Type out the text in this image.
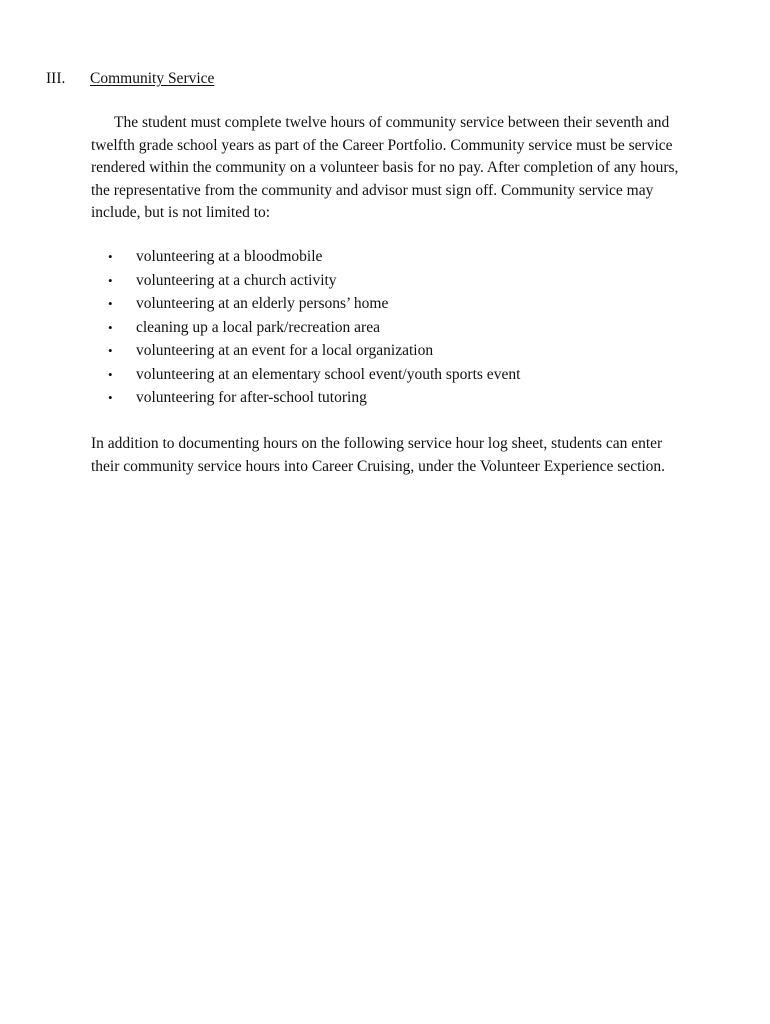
III. Community Service

The student must complete twelve hours of community service between their seventh and
twelfth grade school years as part of the Career Portfolio. Community service must be service
rendered within the community on a volunteer basis for no pay. After completion of any hours,
the representative from the community and advisor must sign off. Community service may
include, but is not limited to:

•	volunteering at a bloodmobile
•	volunteering at a church activity
•	volunteering at an elderly persons’ home
•	cleaning up a local park/recreation area
•	volunteering at an event for a local organization
•	volunteering at an elementary school event/youth sports event
•	volunteering for after-school tutoring

In addition to documenting hours on the following service hour log sheet, students can enter
their community service hours into Career Cruising, under the Volunteer Experience section.
